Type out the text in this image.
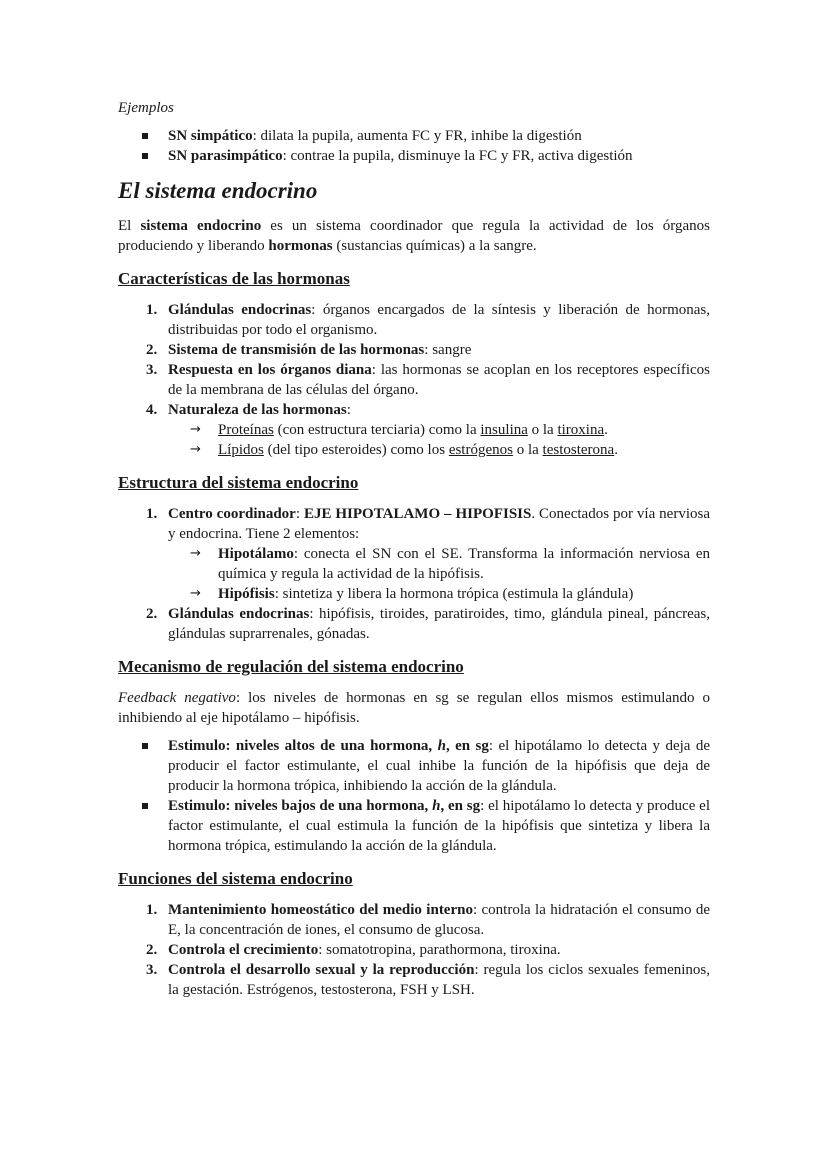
Ejemplos

SN simpático: dilata la pupila, aumenta FC y FR, inhibe la digestión
SN parasimpático: contrae la pupila, disminuye la FC y FR, activa digestión
El sistema endocrino

El sistema endocrino es un sistema coordinador que regula la actividad de los órganos produciendo y liberando hormonas (sustancias químicas) a la sangre.

Características de las hormonas
1. Glándulas endocrinas: órganos encargados de la síntesis y liberación de hormonas, distribuidas por todo el organismo.
2. Sistema de transmisión de las hormonas: sangre
3. Respuesta en los órganos diana: las hormonas se acoplan en los receptores específicos de la membrana de las células del órgano.
4. Naturaleza de las hormonas:
→ Proteínas (con estructura terciaria) como la insulina o la tiroxina.
→ Lípidos (del tipo esteroides) como los estrógenos o la testosterona.
Estructura del sistema endocrino
1. Centro coordinador: EJE HIPOTALAMO – HIPOFISIS. Conectados por vía nerviosa y endocrina. Tiene 2 elementos:
→ Hipotálamo: conecta el SN con el SE. Transforma la información nerviosa en química y regula la actividad de la hipófisis.
→ Hipófisis: sintetiza y libera la hormona trópica (estimula la glándula)
2. Glándulas endocrinas: hipófisis, tiroides, paratiroides, timo, glándula pineal, páncreas, glándulas suprarrenales, gónadas.
Mecanismo de regulación del sistema endocrino

Feedback negativo: los niveles de hormonas en sg se regulan ellos mismos estimulando o inhibiendo al eje hipotálamo – hipófisis.

Estimulo: niveles altos de una hormona, h, en sg: el hipotálamo lo detecta y deja de producir el factor estimulante, el cual inhibe la función de la hipófisis que deja de producir la hormona trópica, inhibiendo la acción de la glándula.
Estimulo: niveles bajos de una hormona, h, en sg: el hipotálamo lo detecta y produce el factor estimulante, el cual estimula la función de la hipófisis que sintetiza y libera la hormona trópica, estimulando la acción de la glándula.
Funciones del sistema endocrino
1. Mantenimiento homeostático del medio interno: controla la hidratación el consumo de E, la concentración de iones, el consumo de glucosa.
2. Controla el crecimiento: somatotropina, parathormona, tiroxina.
3. Controla el desarrollo sexual y la reproducción: regula los ciclos sexuales femeninos, la gestación. Estrógenos, testosterona, FSH y LSH.
